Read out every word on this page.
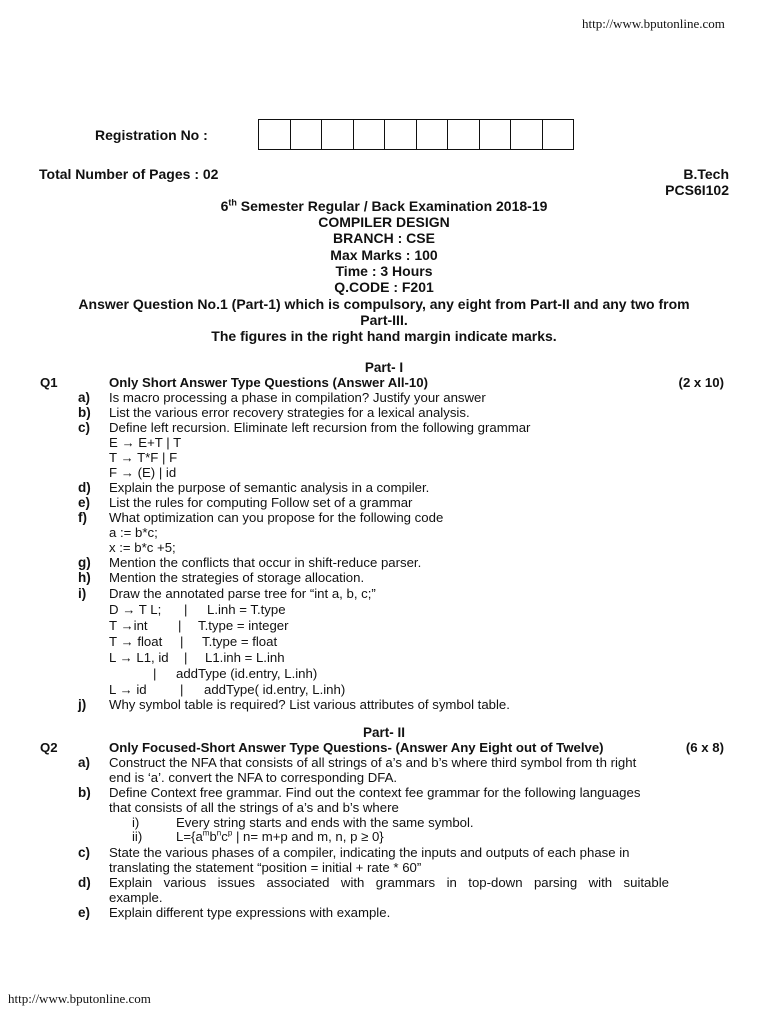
http://www.bputonline.com
Registration No :
Total Number of Pages : 02	B.Tech
PCS6I102
6th Semester Regular / Back Examination 2018-19
COMPILER DESIGN
BRANCH : CSE
Max Marks : 100
Time : 3 Hours
Q.CODE : F201
Answer Question No.1 (Part-1) which is compulsory, any eight from Part-II and any two from
Part-III.
The figures in the right hand margin indicate marks.
Part- I
Q1	Only Short Answer Type Questions (Answer All-10)	(2 x 10)
a) Is macro processing a phase in compilation? Justify your answer
b) List the various error recovery strategies for a lexical analysis.
c) Define left recursion. Eliminate left recursion from the following grammar
E → E+T | T
T → T*F | F
F → (E) | id
d) Explain the purpose of semantic analysis in a compiler.
e) List the rules for computing Follow set of a grammar
f) What optimization can you propose for the following code
a := b*c;
x := b*c +5;
g) Mention the conflicts that occur in shift-reduce parser.
h) Mention the strategies of storage allocation.
i) Draw the annotated parse tree for “int a, b, c;”
D → T L; | L.inh = T.type
T →int | T.type = integer
T → float | T.type = float
L → L1, id | L1.inh = L.inh
| addType (id.entry, L.inh)
L → id	| addType( id.entry, L.inh)
j) Why symbol table is required? List various attributes of symbol table.
Part- II
Q2	Only Focused-Short Answer Type Questions- (Answer Any Eight out of Twelve)	(6 x 8)
a) Construct the NFA that consists of all strings of a’s and b’s where third symbol from th right
end is ‘a’. convert the NFA to corresponding DFA.
b) Define Context free grammar. Find out the context fee grammar for the following languages
that consists of all the strings of a’s and b’s where
i)	Every string starts and ends with the same symbol.
ii)	$L=\{a^mb^nc^p$ | n= m+p and m, n, p ≥ 0}
c) State the various phases of a compiler, indicating the inputs and outputs of each phase in
translating the statement “position = initial + rate * 60”
d) Explain various issues associated with grammars in top-down parsing with suitable
example.
e) Explain different type expressions with example.
http://www.bputonline.com
